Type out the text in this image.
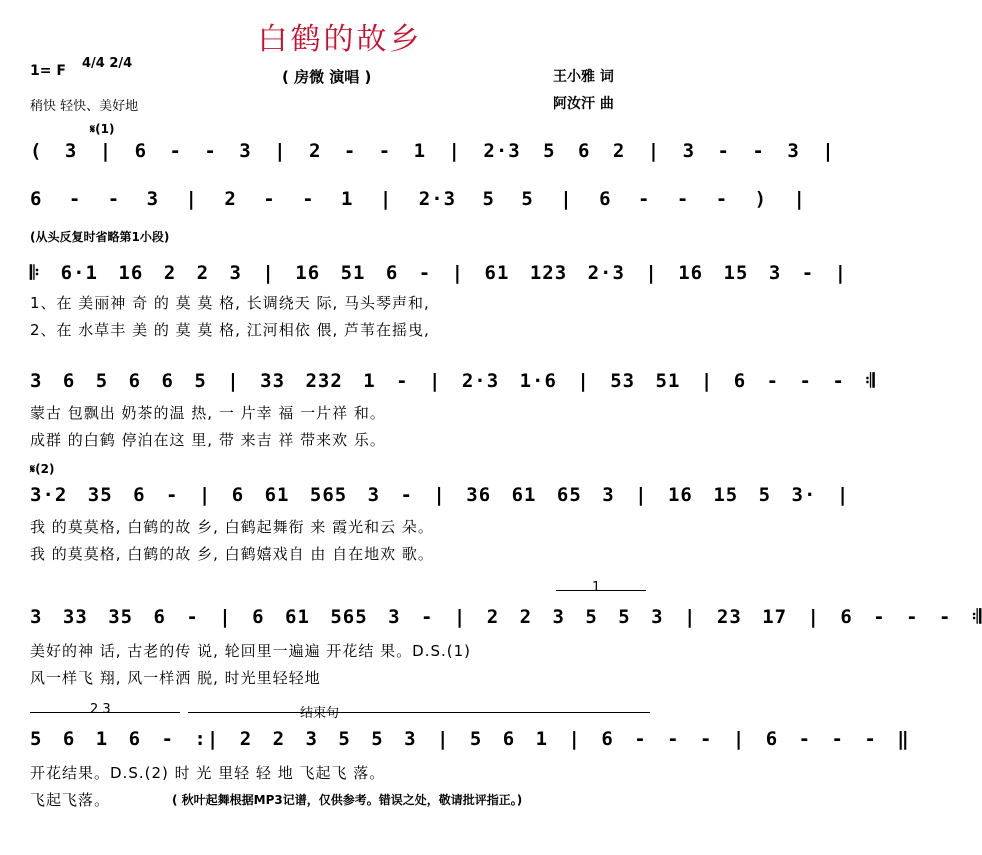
白鹤的故乡
1= F 4/4 2/4
稍快 轻快、美好地
( 房微 演唱 )	王小雅 词
阿汝汗 曲
𝄋(1)
( 3 | 6 - - 3 | 2 - - 1 | 2·3 5 6 2 | 3 - - 3 |
6 - - 3 | 2 - - 1 | 2·3 5 5 | 6 - - - ) |
(从头反复时省略第1小段)
𝄆 6·1 16 2 2 3 | 16 51 6 - | 61 123 2·3 | 16 15 3 - |
1、在 美丽神 奇 的 莫 莫 格, 长调绕天 际, 马头琴声和,
2、在 水草丰 美 的 莫 莫 格, 江河相依 偎, 芦苇在摇曳,
3 6 5 6 6 5 | 33 232 1 - | 2·3 1·6 | 53 51 | 6 - - - 𝄇
蒙古 包飘出 奶茶的温 热, 一 片幸 福 一片祥 和。
成群 的白鹤 停泊在这 里, 带 来吉 祥 带来欢 乐。
𝄋(2)
3·2 35 6 - | 6 61 565 3 - | 36 61 65 3 | 16 15 5 3· |
我 的莫莫格, 白鹤的故 乡, 白鹤起舞衔 来 霞光和云 朵。
我 的莫莫格, 白鹤的故 乡, 白鹤嬉戏自 由 自在地欢 歌。
1
3 33 35 6 - | 6 61 565 3 - | 2 2 3 5 5 3 | 23 17 | 6 - - - 𝄇
美好的神 话, 古老的传 说, 轮回里一遍遍 开花结 果。D.S.(1)
风一样飞 翔, 风一样洒 脱, 时光里轻轻地
2 3	结束句
5 6 1 6 - :| 2 2 3 5 5 3 | 5 6 1 | 6 - - - | 6 - - - ‖
开花结果。D.S.(2) 时 光 里轻 轻 地 飞起飞 落。
飞起飞落。	( 秋叶起舞根据MP3记谱，仅供参考。错误之处，敬请批评指正。)
